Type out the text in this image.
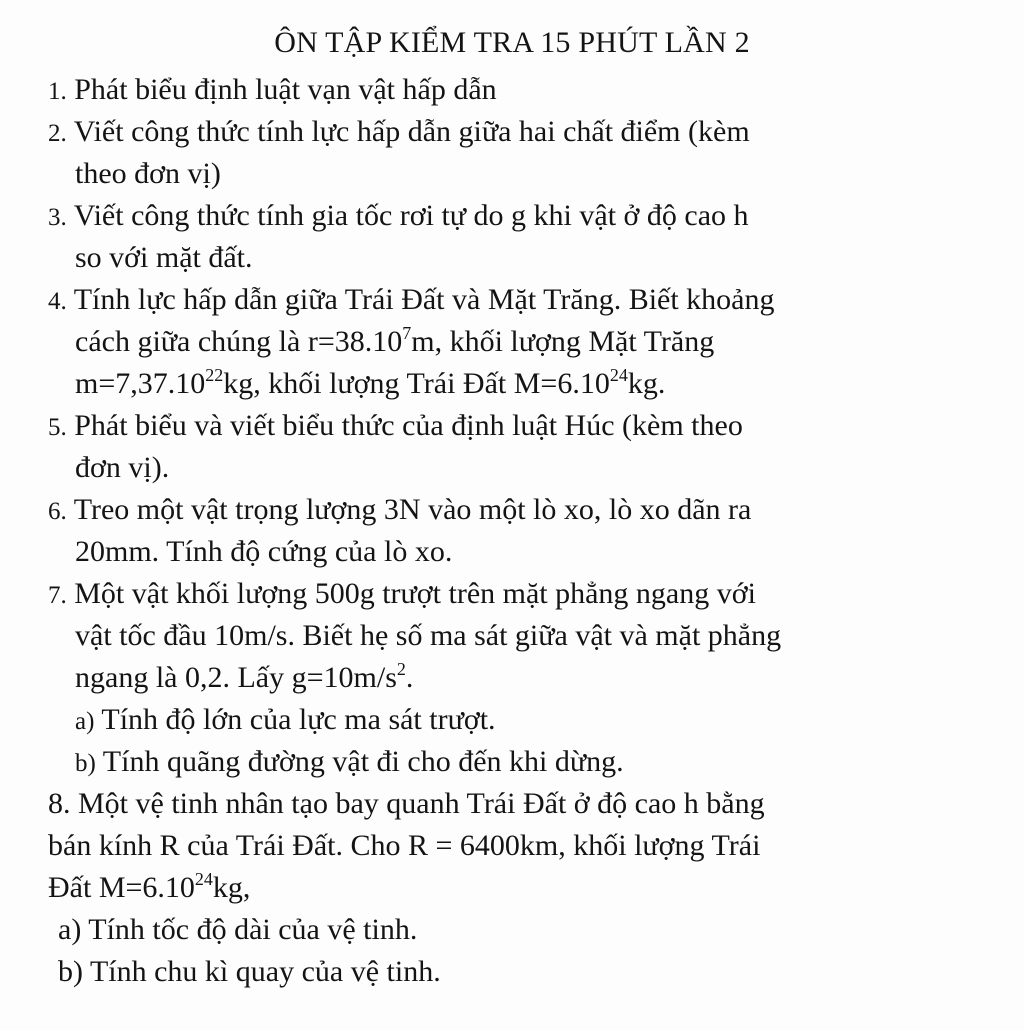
ÔN TẬP KIỂM TRA 15 PHÚT LẦN 2
1. Phát biểu định luật vạn vật hấp dẫn
2. Viết công thức tính lực hấp dẫn giữa hai chất điểm (kèm
theo đơn vị)
3. Viết công thức tính gia tốc rơi tự do g khi vật ở độ cao h
so với mặt đất.
4. Tính lực hấp dẫn giữa Trái Đất và Mặt Trăng. Biết khoảng
cách giữa chúng là $r=38.10^7m$, khối lượng Mặt Trăng
$m=7,37.10^{22}kg$, khối lượng Trái Đất $M=6.10^{24}kg$.
5. Phát biểu và viết biểu thức của định luật Húc (kèm theo
đơn vị).
6. Treo một vật trọng lượng 3N vào một lò xo, lò xo dãn ra
20mm. Tính độ cứng của lò xo.
7. Một vật khối lượng 500g trượt trên mặt phẳng ngang với
vật tốc đầu 10m/s. Biết hẹ số ma sát giữa vật và mặt phẳng
ngang là 0,2. Lấy $g=10m/s^2$.
a) Tính độ lớn của lực ma sát trượt.
b) Tính quãng đường vật đi cho đến khi dừng.
8. Một vệ tinh nhân tạo bay quanh Trái Đất ở độ cao h bằng
bán kính R của Trái Đất. Cho R = 6400km, khối lượng Trái
Đất $M=6.10^{24}kg$,
a) Tính tốc độ dài của vệ tinh.
b) Tính chu kì quay của vệ tinh.
